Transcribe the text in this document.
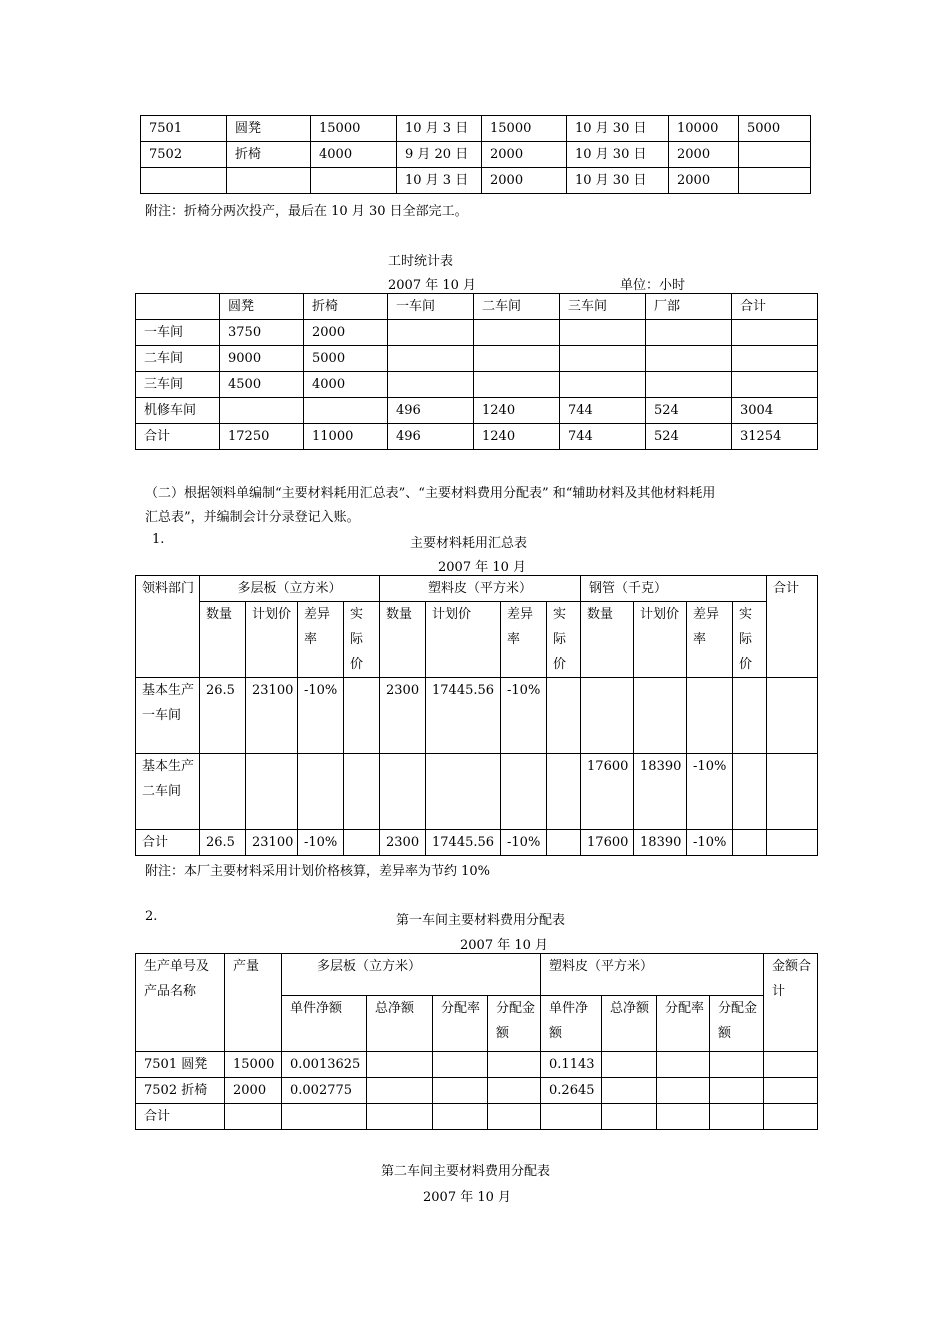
7501	圆凳	15000	10 月 3 日	15000	10 月 30 日	10000	5000
7502	折椅	4000	9 月 20 日	2000	10 月 30 日	2000	
			10 月 3 日	2000	10 月 30 日	2000	
附注：折椅分两次投产，最后在 10 月 30 日全部完工。
工时统计表
2007 年 10 月	单位：小时
	圆凳	折椅	一车间	二车间	三车间	厂部	合计
一车间	3750	2000					
二车间	9000	5000					
三车间	4500	4000					
机修车间			496	1240	744	524	3004
合计	17250	11000	496	1240	744	524	31254
（二）根据领料单编制“主要材料耗用汇总表”、“主要材料费用分配表” 和“辅助材料及其他材料耗用
汇总表”，并编制会计分录登记入账。
1.	主要材料耗用汇总表
2007 年 10 月
领料部门	多层板（立方米）				塑料皮（平方米）				钢管（千克）				合计
	数量	计划价	差异率	实际价	数量	计划价	差异率	实际价	数量	计划价	差异率	实际价	
基本生产一车间	26.5	23100	-10%		2300	17445.56	-10%						
基本生产二车间									17600	18390	-10%		
合计	26.5	23100	-10%		2300	17445.56	-10%		17600	18390	-10%		
附注：本厂主要材料采用计划价格核算，差异率为节约 10%
2.	第一车间主要材料费用分配表
2007 年 10 月
生产单号及产品名称	产量	多层板（立方米）				塑料皮（平方米）				金额合计
		单件净额	总净额	分配率	分配金额	单件净额	总净额	分配率	分配金额	
7501 圆凳	15000	0.0013625				0.1143				
7502 折椅	2000	0.002775				0.2645				
合计										
第二车间主要材料费用分配表
2007 年 10 月
